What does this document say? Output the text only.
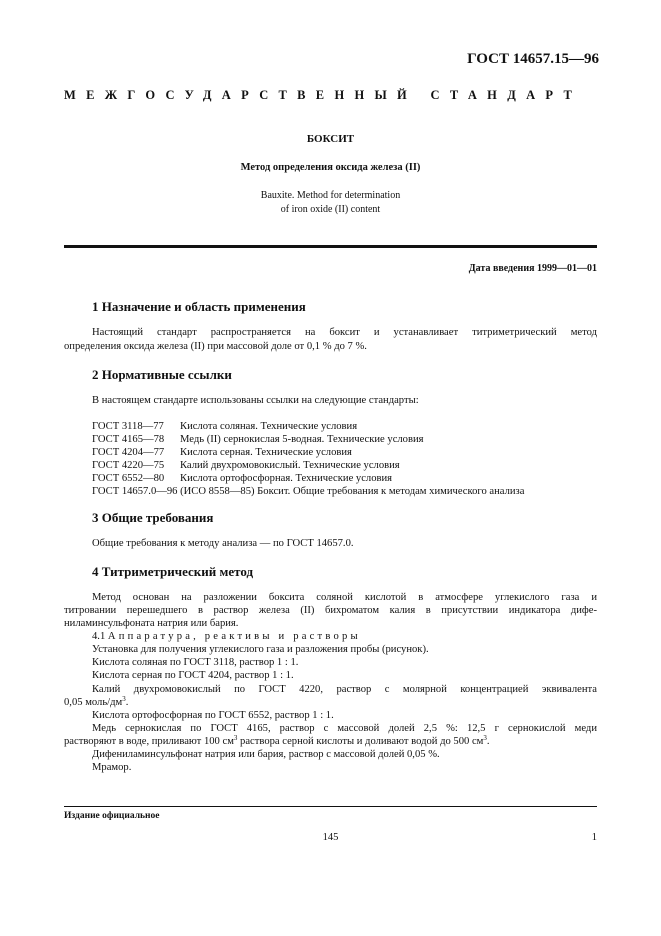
ГОСТ 14657.15—96
МЕЖГОСУДАРСТВЕННЫЙ СТАНДАРТ
БОКСИТ
Метод определения оксида железа (II)
Bauxite. Method for determination
of iron oxide (II) content
Дата введения 1999—01—01
1 Назначение и область применения
Настоящий стандарт распространяется на боксит и устанавливает титриметрический метод
определения оксида железа (II) при массовой доле от 0,1 % до 7 %.
2 Нормативные ссылки
В настоящем стандарте использованы ссылки на следующие стандарты:
ГОСТ 3118—77 Кислота соляная. Технические условия
ГОСТ 4165—78 Медь (II) сернокислая 5-водная. Технические условия
ГОСТ 4204—77 Кислота серная. Технические условия
ГОСТ 4220—75 Калий двухромовокислый. Технические условия
ГОСТ 6552—80 Кислота ортофосфорная. Технические условия
ГОСТ 14657.0—96 (ИСО 8558—85) Боксит. Общие требования к методам химического анализа
3 Общие требования
Общие требования к методу анализа — по ГОСТ 14657.0.
4 Титриметрический метод
Метод основан на разложении боксита соляной кислотой в атмосфере углекислого газа и
титровании перешедшего в раствор железа (II) бихроматом калия в присутствии индикатора дифе-
ниламинсульфоната натрия или бария.
4.1 Аппаратура, реактивы и растворы
Установка для получения углекислого газа и разложения пробы (рисунок).
Кислота соляная по ГОСТ 3118, раствор 1 : 1.
Кислота серная по ГОСТ 4204, раствор 1 : 1.
Калий двухромовокислый по ГОСТ 4220, раствор с молярной концентрацией эквивалента
0,05 моль/$дм^3$.
Кислота ортофосфорная по ГОСТ 6552, раствор 1 : 1.
Медь сернокислая по ГОСТ 4165, раствор с массовой долей 2,5 %: 12,5 г сернокислой меди
растворяют в воде, приливают 100 $см^3$ раствора серной кислоты и доливают водой до 500 $см^3$.
Дифениламинсульфонат натрия или бария, раствор с массовой долей 0,05 %.
Мрамор.
Издание официальное
145	1
